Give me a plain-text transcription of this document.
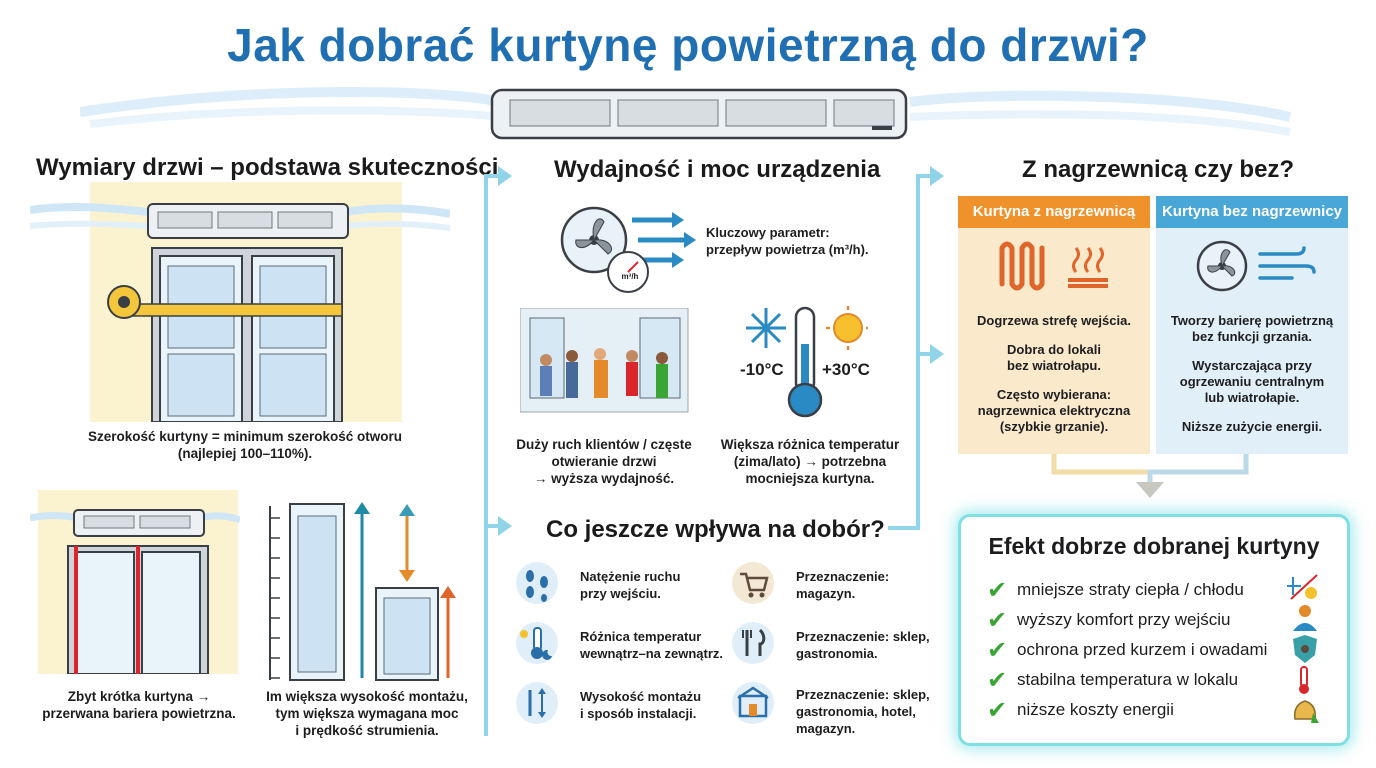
Jak dobrać kurtynę powietrzną do drzwi?
Wymiary drzwi – podstawa skuteczności
Szerokość kurtyny = minimum szerokość otworu
(najlepiej 100–110%).
Zbyt krótka kurtyna →
przerwana bariera powietrzna.
Im większa wysokość montażu,
tym większa wymagana moc
i prędkość strumienia.
Wydajność i moc urządzenia
m³/h
Kluczowy parametr:
przepływ powietrza (m³/h).
Duży ruch klientów / częste
otwieranie drzwi
→ wyższa wydajność.
-10°C +30°C
Większa różnica temperatur
(zima/lato) → potrzebna
mocniejsza kurtyna.
Co jeszcze wpływa na dobór?
Natężenie ruchu
przy wejściu.
Różnica temperatur
wewnątrz–na zewnątrz.
Wysokość montażu
i sposób instalacji.
Przeznaczenie:
magazyn.
Przeznaczenie: sklep,
gastronomia.
Przeznaczenie: sklep,
gastronomia, hotel,
magazyn.
Z nagrzewnicą czy bez?
Kurtyna z nagrzewnicą

Dogrzewa strefę wejścia.

Dobra do lokali
bez wiatrołapu.

Często wybierana:
nagrzewnica elektryczna
(szybkie grzanie).

Kurtyna bez nagrzewnicy

Tworzy barierę powietrzną
bez funkcji grzania.

Wystarczająca przy
ogrzewaniu centralnym
lub wiatrołapie.

Niższe zużycie energii.

Efekt dobrze dobranej kurtyny
✔ mniejsze straty ciepła / chłodu
✔ wyższy komfort przy wejściu
✔ ochrona przed kurzem i owadami
✔ stabilna temperatura w lokalu
✔ niższe koszty energii
